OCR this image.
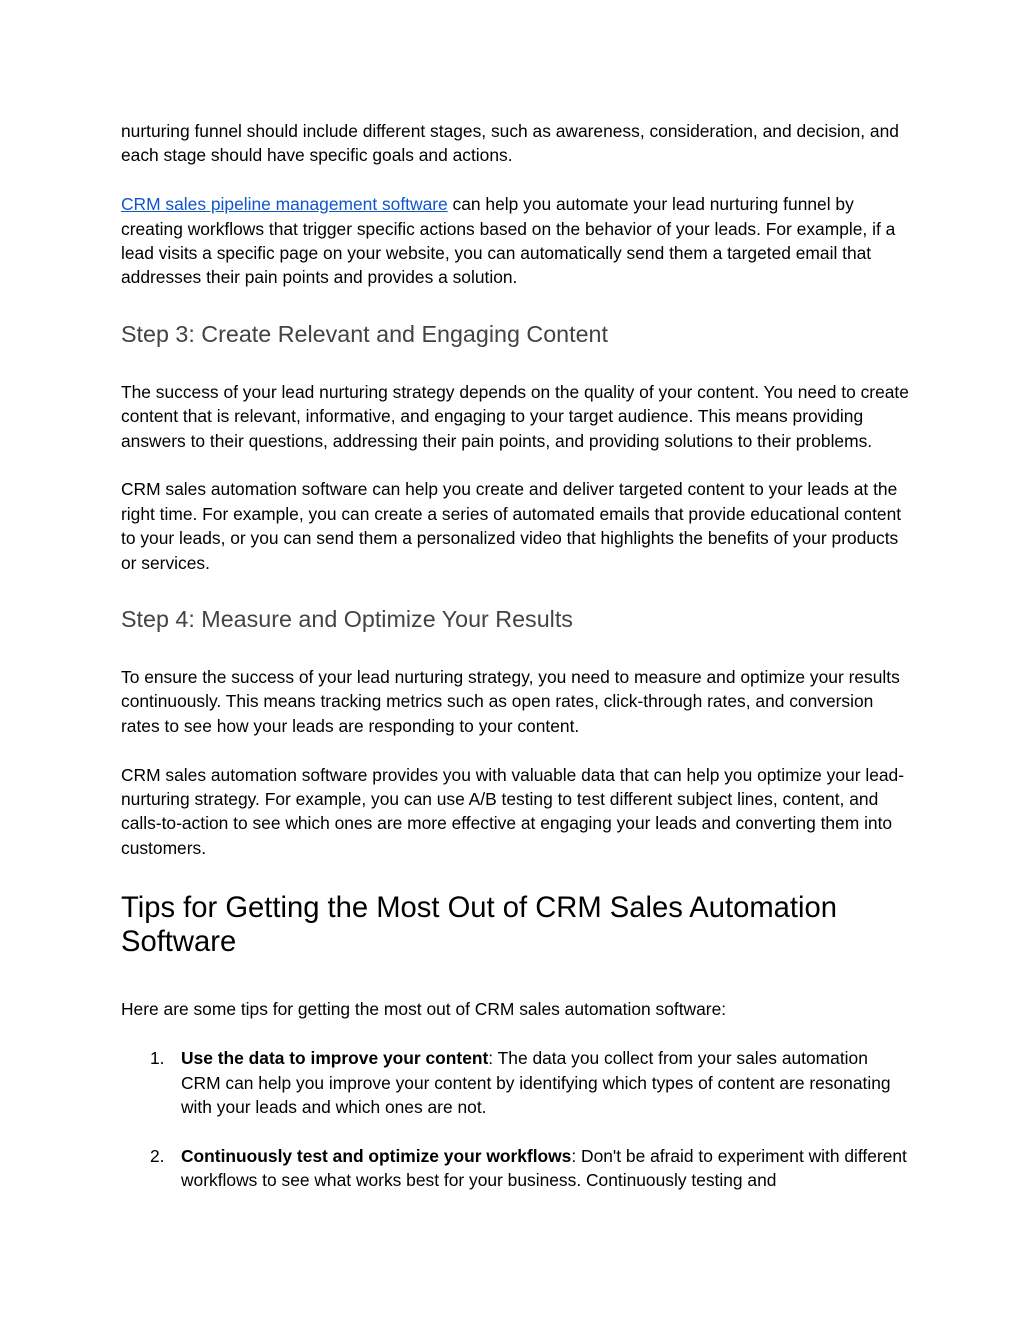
nurturing funnel should include different stages, such as awareness, consideration, and decision, and each stage should have specific goals and actions.

CRM sales pipeline management software can help you automate your lead nurturing funnel by creating workflows that trigger specific actions based on the behavior of your leads. For example, if a lead visits a specific page on your website, you can automatically send them a targeted email that addresses their pain points and provides a solution.

Step 3: Create Relevant and Engaging Content

The success of your lead nurturing strategy depends on the quality of your content. You need to create content that is relevant, informative, and engaging to your target audience. This means providing answers to their questions, addressing their pain points, and providing solutions to their problems.

CRM sales automation software can help you create and deliver targeted content to your leads at the right time. For example, you can create a series of automated emails that provide educational content to your leads, or you can send them a personalized video that highlights the benefits of your products or services.

Step 4: Measure and Optimize Your Results

To ensure the success of your lead nurturing strategy, you need to measure and optimize your results continuously. This means tracking metrics such as open rates, click-through rates, and conversion rates to see how your leads are responding to your content.

CRM sales automation software provides you with valuable data that can help you optimize your lead-nurturing strategy. For example, you can use A/B testing to test different subject lines, content, and calls-to-action to see which ones are more effective at engaging your leads and converting them into customers.

Tips for Getting the Most Out of CRM Sales Automation Software

Here are some tips for getting the most out of CRM sales automation software:

1. Use the data to improve your content: The data you collect from your sales automation CRM can help you improve your content by identifying which types of content are resonating with your leads and which ones are not.
2. Continuously test and optimize your workflows: Don't be afraid to experiment with different workflows to see what works best for your business. Continuously testing and
